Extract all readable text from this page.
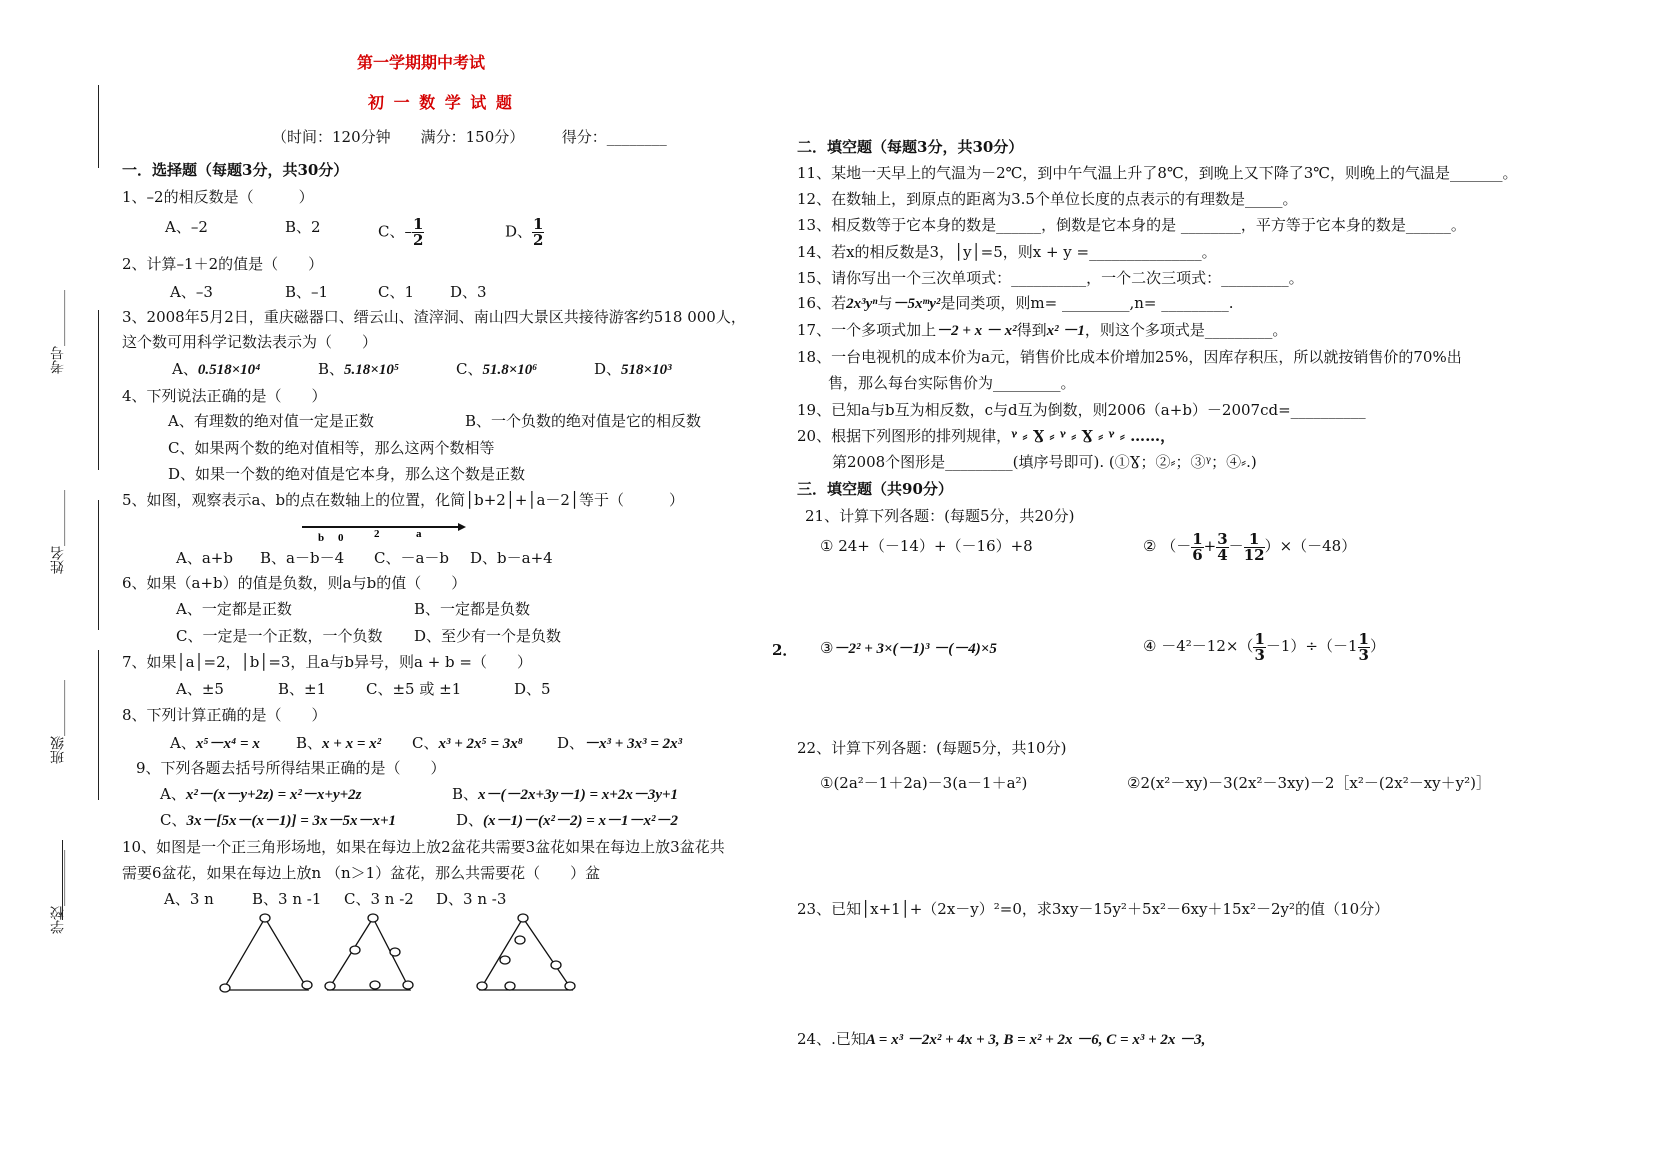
第一学期期中考试
初 一 数 学 试 题
（时间：120分钟　　满分：150分）　　　得分：________
考号________
姓名________
班级________
学校________
一．选择题（每题3分，共30分）
1、–2的相反数是（　　　）
A、–2	B、2	C、– $\frac{1}{2}$	D、 $\frac{1}{2}$
2、计算–1＋2的值是（　　）
A、–3	B、–1	C、1 D、3
3、2008年5月2日，重庆磁器口、缙云山、渣滓洞、南山四大景区共接待游客约518 000人，
这个数可用科学记数法表示为（　　）
A、0.518×10⁴	B、5.18×10⁵	C、51.8×10⁶	D、518×10³
4、下列说法正确的是（　　）
A、有理数的绝对值一定是正数	B、一个负数的绝对值是它的相反数
C、如果两个数的绝对值相等，那么这两个数相等
D、如果一个数的绝对值是它本身，那么这个数是正数
5、如图，观察表示a、b的点在数轴上的位置，化简│b+2│+│a－2│等于（　　　）
b 0	2	a
A、a+b B、a－b－4 C、－a－b D、b－a+4
6、如果（a+b）的值是负数，则a与b的值（　　）
A、一定都是正数	B、一定都是负数
C、一定是一个正数，一个负数 D、至少有一个是负数
7、如果│a│=2，│b│=3，且a与b异号，则a + b =（　　）
A、±5	B、±1	C、±5 或 ±1	D、5
8、下列计算正确的是（　　）
A、x⁵－x⁴ = x B、x + x = x² C、x³ + 2x⁵ = 3x⁸ D、－x³ + 3x³ = 2x³
9、下列各题去括号所得结果正确的是（　　）
A、x²－(x－y+2z) = x²－x+y+2z	B、x－(－2x+3y－1) = x+2x－3y+1
C、3x－[5x－(x－1)] = 3x－5x－x+1	D、(x－1)－(x²－2) = x－1－x²－2
10、如图是一个正三角形场地，如果在每边上放2盆花共需要3盆花如果在每边上放3盆花共
需要6盆花，如果在每边上放n （n＞1）盆花，那么共需要花（　　）盆
A、3 n	B、3 n -1 C、3 n -2 D、3 n -3
二．填空题（每题3分，共30分）
11、某地一天早上的气温为－2℃，到中午气温上升了8℃，到晚上又下降了3℃，则晚上的气温是_______。
12、在数轴上，到原点的距离为3.5个单位长度的点表示的有理数是_____。
13、相反数等于它本身的数是______，倒数是它本身的是 ________，平方等于它本身的数是______。
14、若x的相反数是3，│y│=5，则x + y =_______________。
15、请你写出一个三次单项式：__________，一个二次三项式：_________。
16、若2x³yⁿ与－5xᵐy²是同类项，则m= _________,n= _________.
17、一个多项式加上－2 + x － x²得到x² －1，则这个多项式是_________。
18、一台电视机的成本价为a元，销售价比成本价增加25%，因库存积压，所以就按销售价的70%出
售，那么每台实际售价为_________。
19、已知a与b互为相反数，c与d互为倒数，则2006（a+b）－2007cd=__________
20、根据下列图形的排列规律，ᵞ ⸗ Ɣ ⸗ ᵞ ⸗ Ɣ ⸗ ᵞ ⸗ ……，
第2008个图形是_________(填序号即可). (①Ɣ；②⸗；③ᵞ；④⸗.)
三．填空题（共90分）
21、计算下列各题：(每题5分，共20分)
① 24+（－14）+（－16）+8	② （－ $\frac{1}{6} + \frac{3}{4} - \frac{1}{12} )\times(-48)$
2． ③－2² + 3×(－1)³ －(－4)×5	④ $-4^2-12\times( \frac{1}{3} -1)\div(-1 \frac{1}{3}$ ）
22、计算下列各题：(每题5分，共10分)
①(2a²－1＋2a)－3(a－1＋a²)	②2(x²－xy)－3(2x²－3xy)－2［x²－(2x²－xy＋y²)］
23、已知│x+1│+（2x－y）²=0，求3xy－15y²＋5x²－6xy＋15x²－2y²的值（10分）
24、.已知A = x³ －2x² + 4x + 3, B = x² + 2x －6, C = x³ + 2x －3,
